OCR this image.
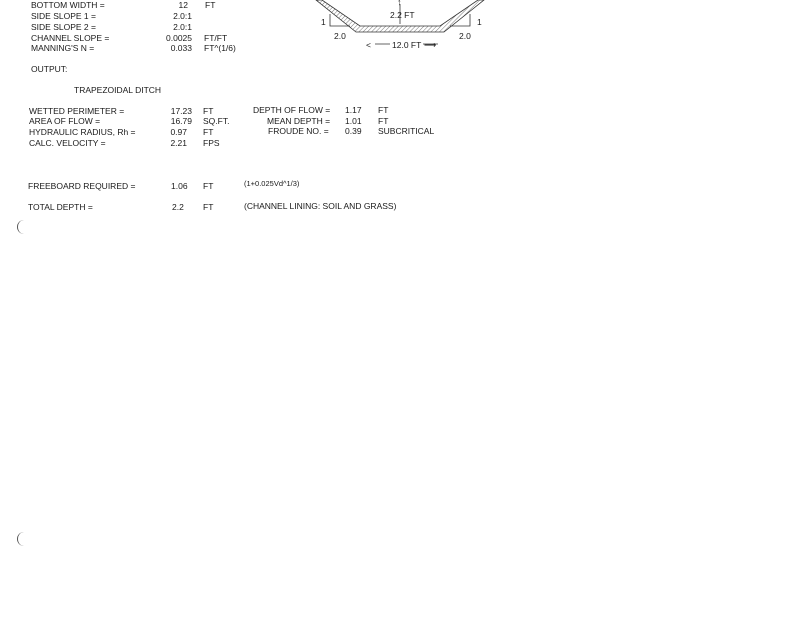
BOTTOM WIDTH =	12 FT
SIDE SLOPE 1 =	2.0:1
SIDE SLOPE 2 =	2.0:1
CHANNEL SLOPE =	0.0025 FT/FT
MANNING'S N =	0.033 FT^(1/6)
↑
2.2 FT
1
2.0
1
2.0
< 12.0 FT ⟶
OUTPUT:
TRAPEZOIDAL DITCH
WETTED PERIMETER =	17.23 FT
AREA OF FLOW =	16.79 SQ.FT.
HYDRAULIC RADIUS, Rh =	0.97 FT
CALC. VELOCITY =	2.21 FPS
DEPTH OF FLOW = 1.17 FT
MEAN DEPTH = 1.01 FT
FROUDE NO. = 0.39 SUBCRITICAL
FREEBOARD REQUIRED =	1.06 FT	(1+0.025Vd^1/3)
TOTAL DEPTH =	2.2 FT	(CHANNEL LINING: SOIL AND GRASS)
